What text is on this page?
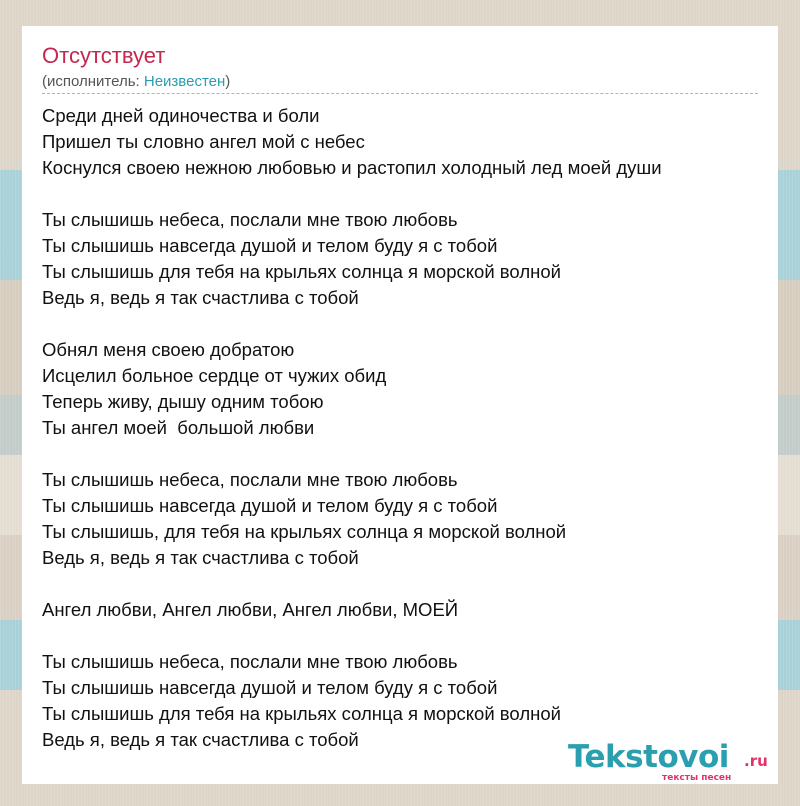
Отсутствует
(исполнитель: Неизвестен)
Среди дней одиночества и боли
Пришел ты словно ангел мой с небес
Коснулся своею нежною любовью и растопил холодный лед моей души
Ты слышишь небеса, послали мне твою любовь
Ты слышишь навсегда душой и телом буду я с тобой
Ты слышишь для тебя на крыльях солнца я морской волной
Ведь я, ведь я так счастлива с тобой
Обнял меня своею добратою
Исцелил больное сердце от чужих обид
Теперь живу, дышу одним тобою
Ты ангел моей  большой любви
Ты слышишь небеса, послали мне твою любовь
Ты слышишь навсегда душой и телом буду я с тобой
Ты слышишь, для тебя на крыльях солнца я морской волной
Ведь я, ведь я так счастлива с тобой
Ангел любви, Ангел любви, Ангел любви, МОЕЙ
Ты слышишь небеса, послали мне твою любовь
Ты слышишь навсегда душой и телом буду я с тобой
Ты слышишь для тебя на крыльях солнца я морской волной
Ведь я, ведь я так счастлива с тобой	Tekstovoi .ru
тексты песен
